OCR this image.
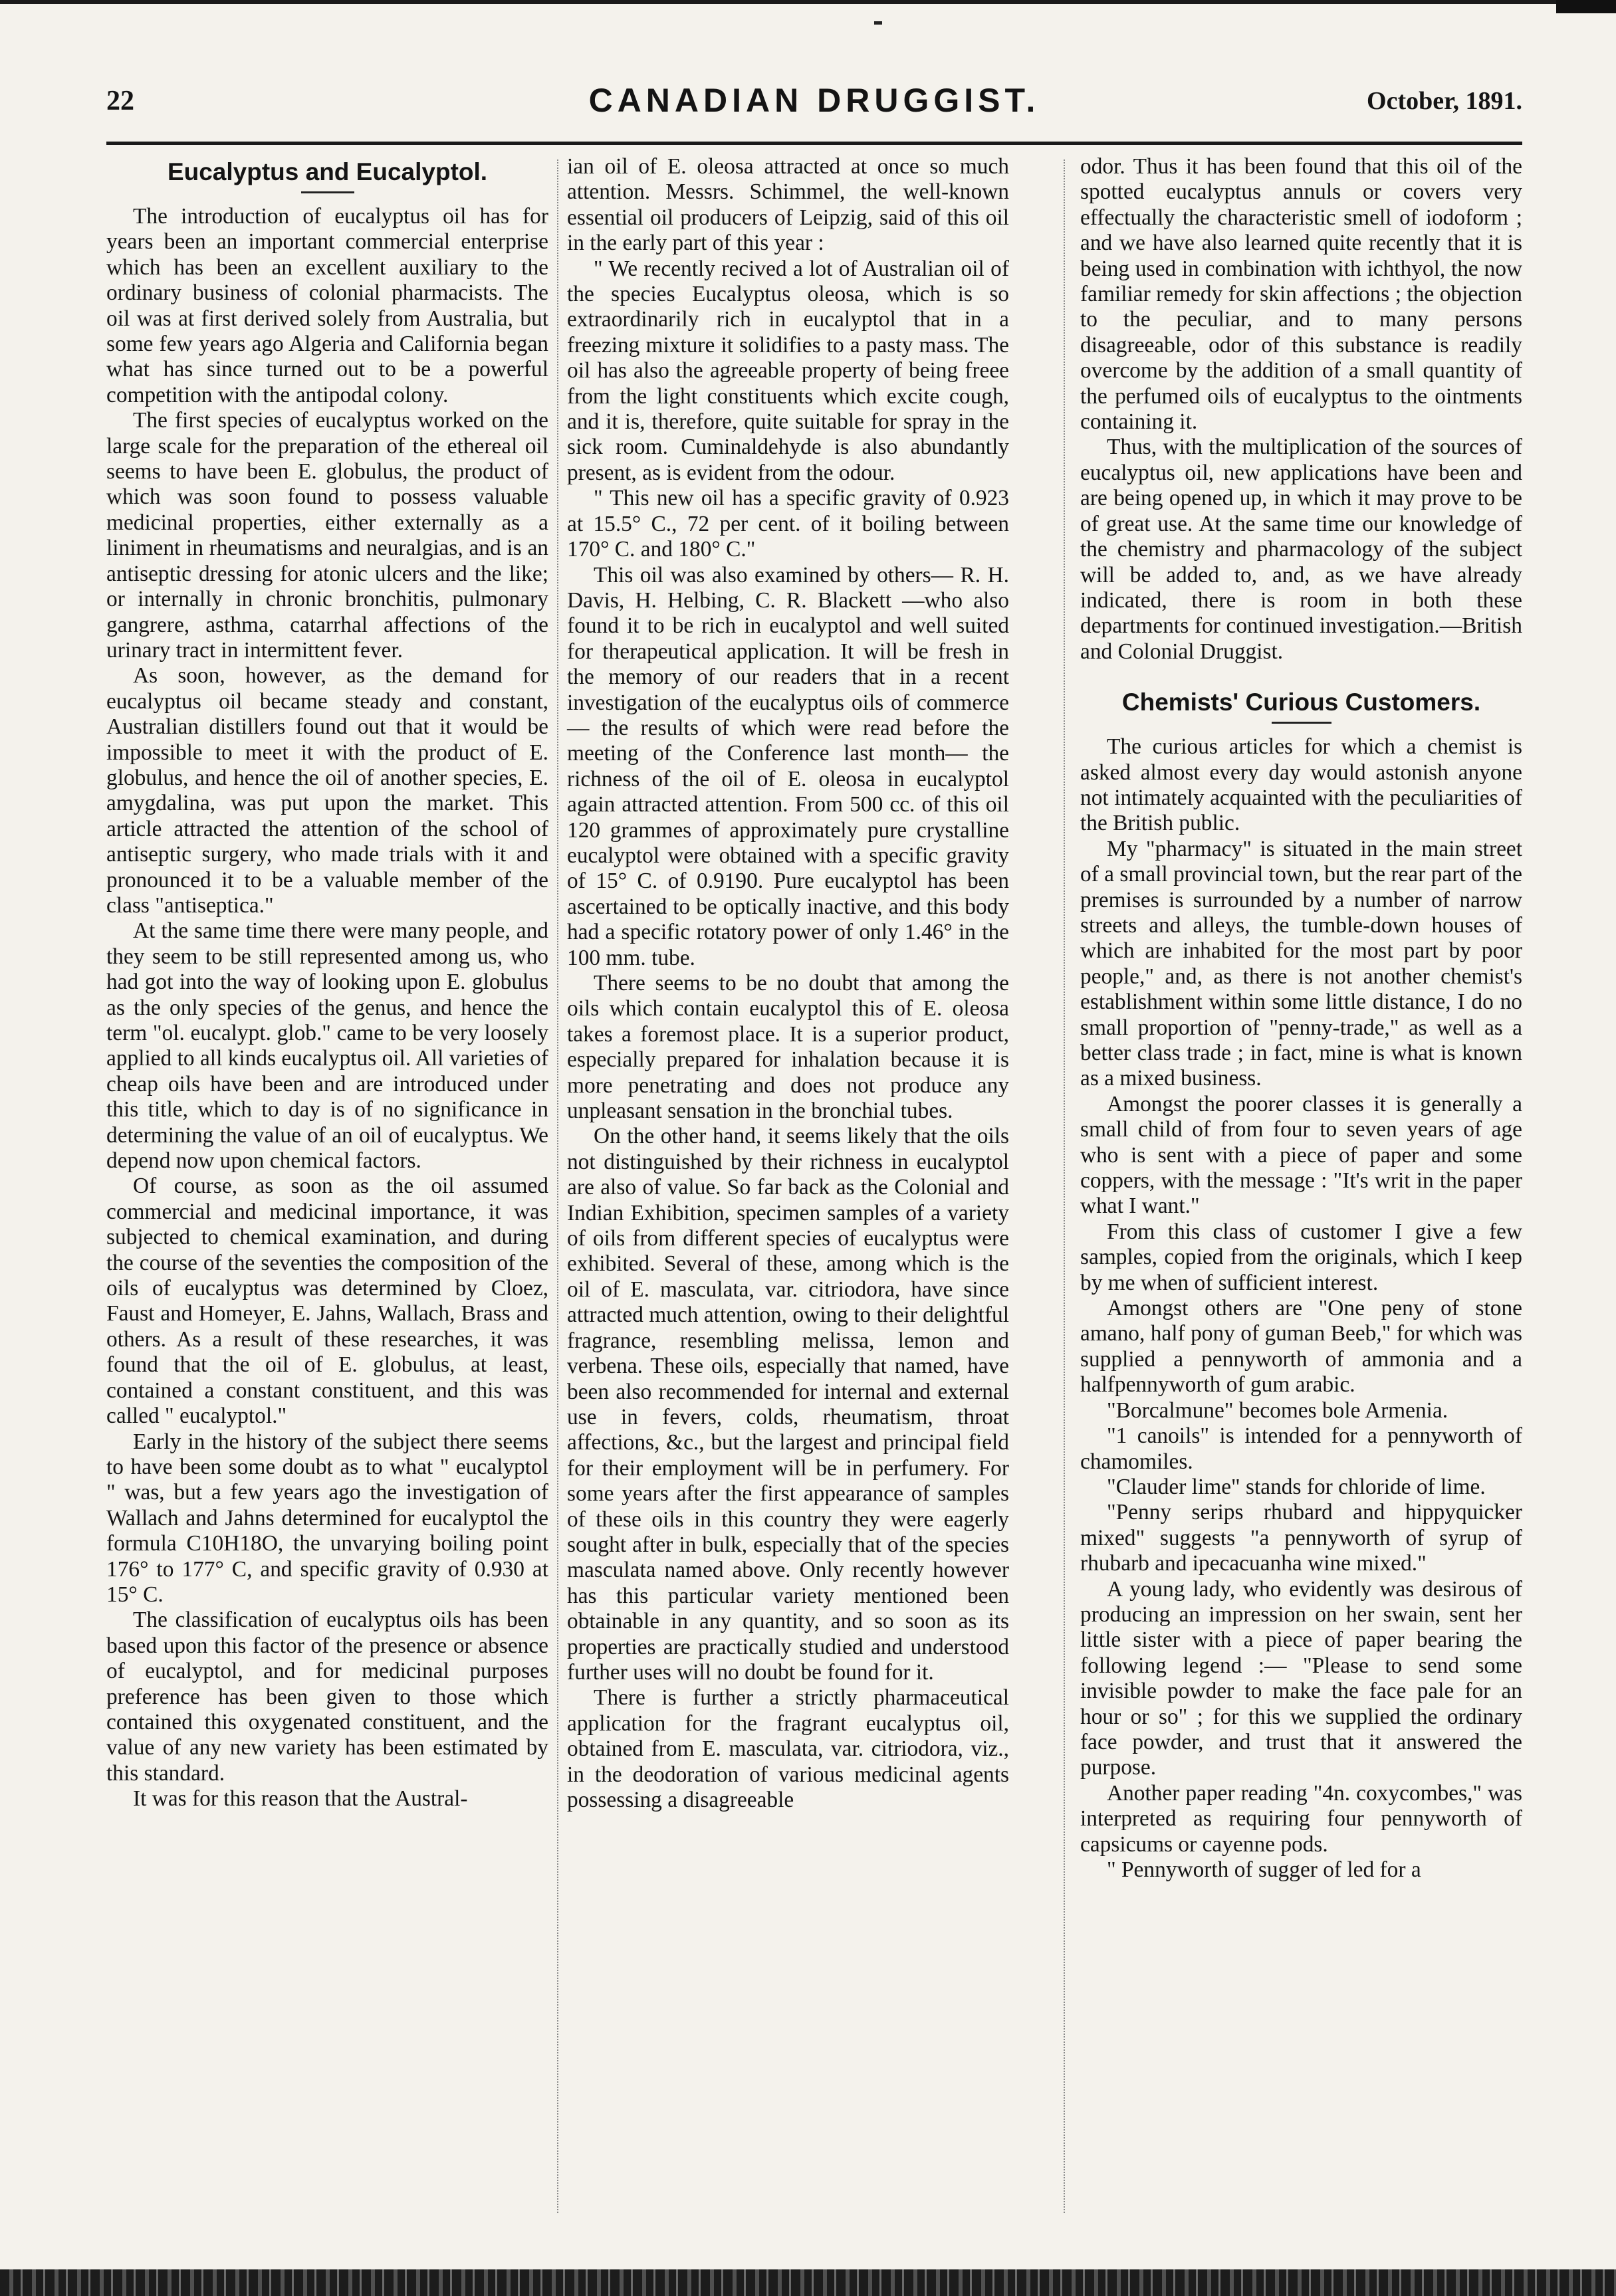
22	CANADIAN DRUGGIST.	October, 1891.
Eucalyptus and Eucalyptol.

The introduction of eucalyptus oil has for years been an important commercial enterprise which has been an excellent auxiliary to the ordinary business of colonial pharmacists. The oil was at first derived solely from Australia, but some few years ago Algeria and California began what has since turned out to be a powerful competition with the antipodal colony.

The first species of eucalyptus worked on the large scale for the preparation of the ethereal oil seems to have been E. globulus, the product of which was soon found to possess valuable medicinal properties, either externally as a liniment in rheumatisms and neuralgias, and is an antiseptic dressing for atonic ulcers and the like; or internally in chronic bronchitis, pulmonary gangrere, asthma, catarrhal affections of the urinary tract in intermittent fever.

As soon, however, as the demand for eucalyptus oil became steady and constant, Australian distillers found out that it would be impossible to meet it with the product of E. globulus, and hence the oil of another species, E. amygdalina, was put upon the market. This article attracted the attention of the school of antiseptic surgery, who made trials with it and pronounced it to be a valuable member of the class "antiseptica."

At the same time there were many people, and they seem to be still represented among us, who had got into the way of looking upon E. globulus as the only species of the genus, and hence the term "ol. eucalypt. glob." came to be very loosely applied to all kinds eucalyptus oil. All varieties of cheap oils have been and are introduced under this title, which to day is of no significance in determining the value of an oil of eucalyptus. We depend now upon chemical factors.

Of course, as soon as the oil assumed commercial and medicinal importance, it was subjected to chemical examination, and during the course of the seventies the composition of the oils of eucalyptus was determined by Cloez, Faust and Homeyer, E. Jahns, Wallach, Brass and others. As a result of these researches, it was found that the oil of E. globulus, at least, contained a constant constituent, and this was called " eucalyptol."

Early in the history of the subject there seems to have been some doubt as to what " eucalyptol " was, but a few years ago the investigation of Wallach and Jahns determined for eucalyptol the formula C10H18O, the unvarying boiling point 176° to 177° C, and specific gravity of 0.930 at 15° C.

The classification of eucalyptus oils has been based upon this factor of the presence or absence of eucalyptol, and for medicinal purposes preference has been given to those which contained this oxygenated constituent, and the value of any new variety has been estimated by this standard.

It was for this reason that the Austral-

ian oil of E. oleosa attracted at once so much attention. Messrs. Schimmel, the well-known essential oil producers of Leipzig, said of this oil in the early part of this year :

" We recently recived a lot of Australian oil of the species Eucalyptus oleosa, which is so extraordinarily rich in eucalyptol that in a freezing mixture it solidifies to a pasty mass. The oil has also the agreeable property of being freee from the light constituents which excite cough, and it is, therefore, quite suitable for spray in the sick room. Cuminaldehyde is also abundantly present, as is evident from the odour.

" This new oil has a specific gravity of 0.923 at 15.5° C., 72 per cent. of it boiling between 170° C. and 180° C."

This oil was also examined by others— R. H. Davis, H. Helbing, C. R. Blackett —who also found it to be rich in eucalyptol and well suited for therapeutical application. It will be fresh in the memory of our readers that in a recent investigation of the eucalyptus oils of commerce— the results of which were read before the meeting of the Conference last month— the richness of the oil of E. oleosa in eucalyptol again attracted attention. From 500 cc. of this oil 120 grammes of approximately pure crystalline eucalyptol were obtained with a specific gravity of 15° C. of 0.9190. Pure eucalyptol has been ascertained to be optically inactive, and this body had a specific rotatory power of only 1.46° in the 100 mm. tube.

There seems to be no doubt that among the oils which contain eucalyptol this of E. oleosa takes a foremost place. It is a superior product, especially prepared for inhalation because it is more penetrating and does not produce any unpleasant sensation in the bronchial tubes.

On the other hand, it seems likely that the oils not distinguished by their richness in eucalyptol are also of value. So far back as the Colonial and Indian Exhibition, specimen samples of a variety of oils from different species of eucalyptus were exhibited. Several of these, among which is the oil of E. masculata, var. citriodora, have since attracted much attention, owing to their delightful fragrance, resembling melissa, lemon and verbena. These oils, especially that named, have been also recommended for internal and external use in fevers, colds, rheumatism, throat affections, &c., but the largest and principal field for their employment will be in perfumery. For some years after the first appearance of samples of these oils in this country they were eagerly sought after in bulk, especially that of the species masculata named above. Only recently however has this particular variety mentioned been obtainable in any quantity, and so soon as its properties are practically studied and understood further uses will no doubt be found for it.

There is further a strictly pharmaceutical application for the fragrant eucalyptus oil, obtained from E. masculata, var. citriodora, viz., in the deodoration of various medicinal agents possessing a disagreeable

odor. Thus it has been found that this oil of the spotted eucalyptus annuls or covers very effectually the characteristic smell of iodoform ; and we have also learned quite recently that it is being used in combination with ichthyol, the now familiar remedy for skin affections ; the objection to the peculiar, and to many persons disagreeable, odor of this substance is readily overcome by the addition of a small quantity of the perfumed oils of eucalyptus to the ointments containing it.

Thus, with the multiplication of the sources of eucalyptus oil, new applications have been and are being opened up, in which it may prove to be of great use. At the same time our knowledge of the chemistry and pharmacology of the subject will be added to, and, as we have already indicated, there is room in both these departments for continued investigation.—British and Colonial Druggist.

Chemists' Curious Customers.

The curious articles for which a chemist is asked almost every day would astonish anyone not intimately acquainted with the peculiarities of the British public.

My "pharmacy" is situated in the main street of a small provincial town, but the rear part of the premises is surrounded by a number of narrow streets and alleys, the tumble-down houses of which are inhabited for the most part by poor people," and, as there is not another chemist's establishment within some little distance, I do no small proportion of "penny-trade," as well as a better class trade ; in fact, mine is what is known as a mixed business.

Amongst the poorer classes it is generally a small child of from four to seven years of age who is sent with a piece of paper and some coppers, with the message : "It's writ in the paper what I want."

From this class of customer I give a few samples, copied from the originals, which I keep by me when of sufficient interest.

Amongst others are "One peny of stone amano, half pony of guman Beeb," for which was supplied a pennyworth of ammonia and a halfpennyworth of gum arabic.

"Borcalmune" becomes bole Armenia.

"1 canoils" is intended for a pennyworth of chamomiles.

"Clauder lime" stands for chloride of lime.

"Penny serips rhubard and hippyquicker mixed" suggests "a pennyworth of syrup of rhubarb and ipecacuanha wine mixed."

A young lady, who evidently was desirous of producing an impression on her swain, sent her little sister with a piece of paper bearing the following legend :— "Please to send some invisible powder to make the face pale for an hour or so" ; for this we supplied the ordinary face powder, and trust that it answered the purpose.

Another paper reading "4n. coxycombes," was interpreted as requiring four pennyworth of capsicums or cayenne pods.

" Pennyworth of sugger of led for a
